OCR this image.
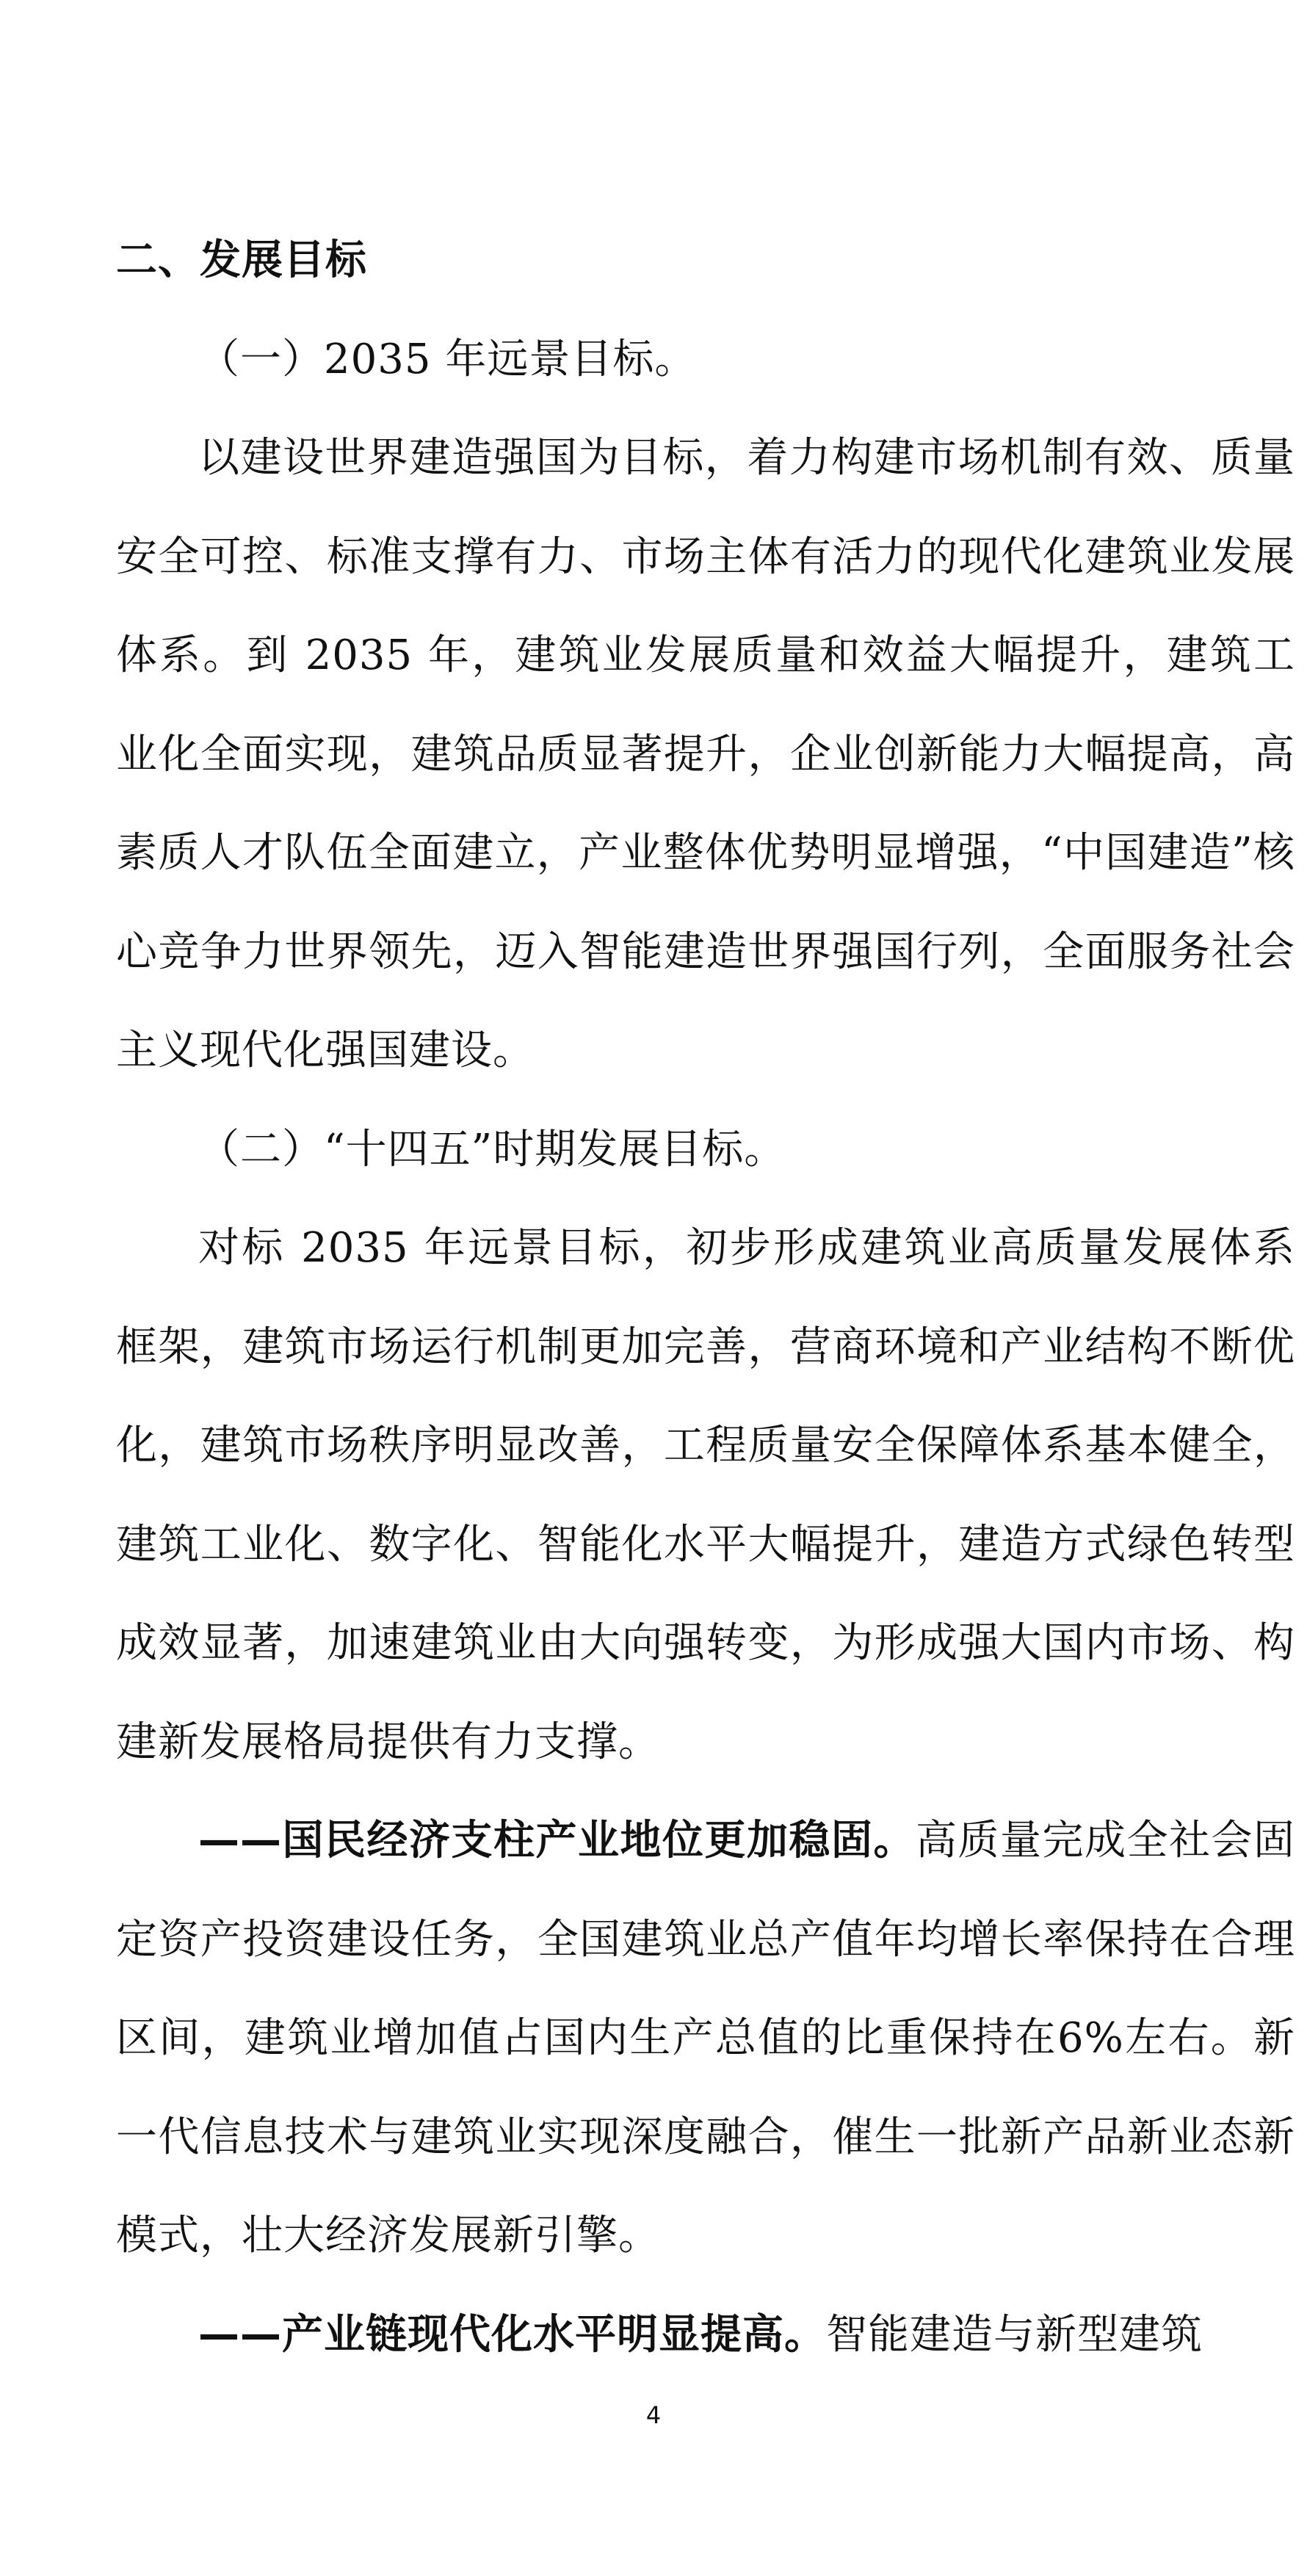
二、发展目标

（一）2035 年远景目标。

以建设世界建造强国为目标，着力构建市场机制有效、质量安全可控、标准支撑有力、市场主体有活力的现代化建筑业发展体系。到 2035 年，建筑业发展质量和效益大幅提升，建筑工业化全面实现，建筑品质显著提升，企业创新能力大幅提高，高素质人才队伍全面建立，产业整体优势明显增强，“中国建造”核心竞争力世界领先，迈入智能建造世界强国行列，全面服务社会主义现代化强国建设。

（二）“十四五”时期发展目标。

对标 2035 年远景目标，初步形成建筑业高质量发展体系框架，建筑市场运行机制更加完善，营商环境和产业结构不断优化，建筑市场秩序明显改善，工程质量安全保障体系基本健全，建筑工业化、数字化、智能化水平大幅提升，建造方式绿色转型成效显著，加速建筑业由大向强转变，为形成强大国内市场、构建新发展格局提供有力支撑。

——国民经济支柱产业地位更加稳固。高质量完成全社会固定资产投资建设任务，全国建筑业总产值年均增长率保持在合理区间，建筑业增加值占国内生产总值的比重保持在6%左右。新一代信息技术与建筑业实现深度融合，催生一批新产品新业态新模式，壮大经济发展新引擎。

——产业链现代化水平明显提高。智能建造与新型建筑

4
